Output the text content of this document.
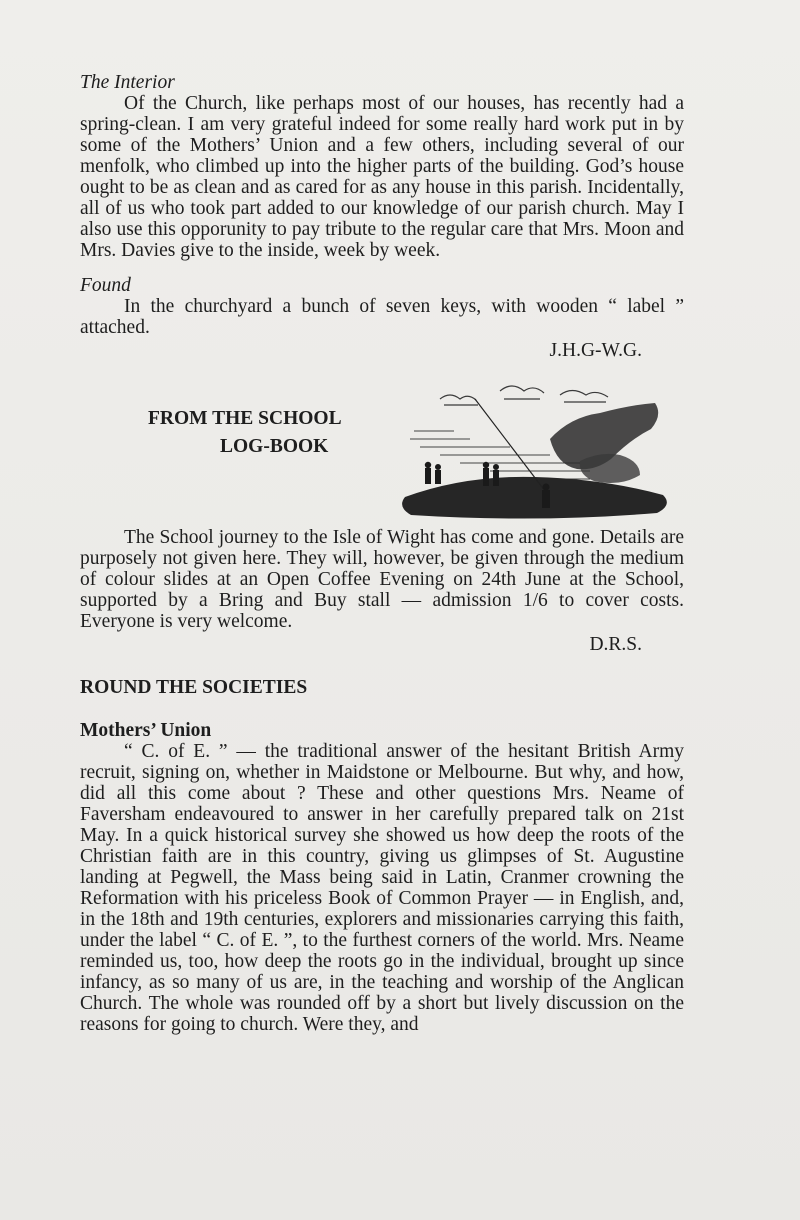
The Interior

Of the Church, like perhaps most of our houses, has recently had a spring-clean. I am very grateful indeed for some really hard work put in by some of the Mothers’ Union and a few others, including several of our menfolk, who climbed up into the higher parts of the building. God’s house ought to be as clean and as cared for as any house in this parish. Incidentally, all of us who took part added to our knowledge of our parish church. May I also use this opporunity to pay tribute to the regular care that Mrs. Moon and Mrs. Davies give to the inside, week by week.

Found

In the churchyard a bunch of seven keys, with wooden “ label ” attached.

J.H.G-W.G.

FROM THE SCHOOL
LOG-BOOK

The School journey to the Isle of Wight has come and gone. Details are purposely not given here. They will, however, be given through the medium of colour slides at an Open Coffee Evening on 24th June at the School, supported by a Bring and Buy stall — admission 1/6 to cover costs. Everyone is very welcome.

D.R.S.

ROUND THE SOCIETIES

Mothers’ Union

“ C. of E. ” — the traditional answer of the hesitant British Army recruit, signing on, whether in Maidstone or Melbourne. But why, and how, did all this come about ? These and other questions Mrs. Neame of Faversham endeavoured to answer in her carefully prepared talk on 21st May. In a quick historical survey she showed us how deep the roots of the Christian faith are in this country, giving us glimpses of St. Augustine landing at Pegwell, the Mass being said in Latin, Cranmer crowning the Reformation with his priceless Book of Common Prayer — in English, and, in the 18th and 19th centuries, explorers and missionaries carrying this faith, under the label “ C. of E. ”, to the furthest corners of the world. Mrs. Neame reminded us, too, how deep the roots go in the individual, brought up since infancy, as so many of us are, in the teaching and worship of the Anglican Church. The whole was rounded off by a short but lively discussion on the reasons for going to church. Were they, and
